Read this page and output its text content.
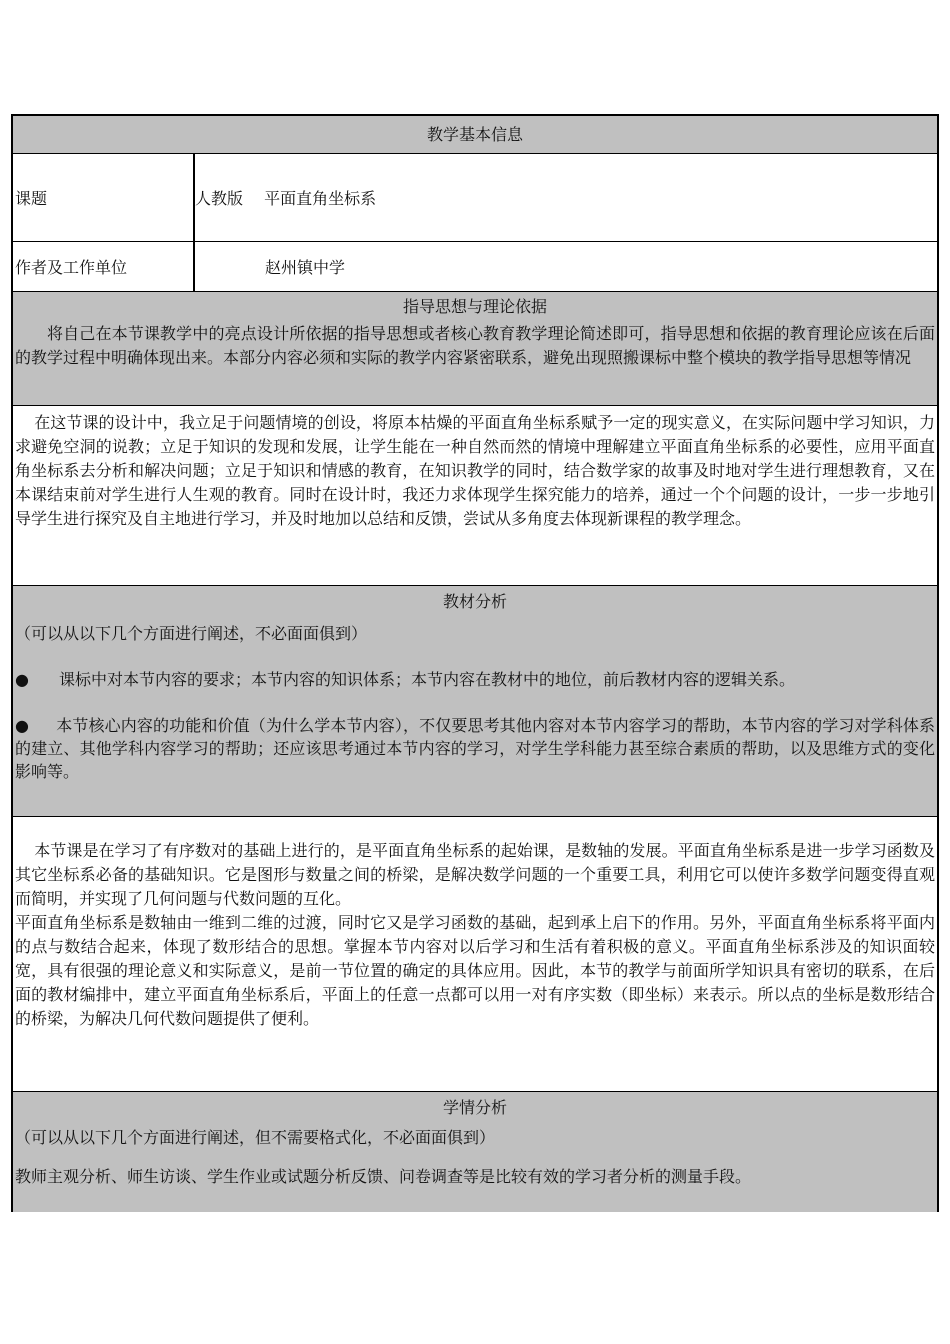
教学基本信息
课题	人教版　 平面直角坐标系
作者及工作单位	赵州镇中学
指导思想与理论依据

将自己在本节课教学中的亮点设计所依据的指导思想或者核心教育教学理论简述即可，指导思想和依据的教育理论应该在后面的教学过程中明确体现出来。本部分内容必须和实际的教学内容紧密联系，避免出现照搬课标中整个模块的教学指导思想等情况

在这节课的设计中，我立足于问题情境的创设，将原本枯燥的平面直角坐标系赋予一定的现实意义，在实际问题中学习知识，力求避免空洞的说教；立足于知识的发现和发展，让学生能在一种自然而然的情境中理解建立平面直角坐标系的必要性，应用平面直角坐标系去分析和解决问题；立足于知识和情感的教育，在知识教学的同时，结合数学家的故事及时地对学生进行理想教育，又在本课结束前对学生进行人生观的教育。同时在设计时，我还力求体现学生探究能力的培养，通过一个个问题的设计，一步一步地引导学生进行探究及自主地进行学习，并及时地加以总结和反馈，尝试从多角度去体现新课程的教学理念。

教材分析

（可以从以下几个方面进行阐述，不必面面俱到）

●	课标中对本节内容的要求；本节内容的知识体系；本节内容在教材中的地位，前后教材内容的逻辑关系。

● 本节核心内容的功能和价值（为什么学本节内容），不仅要思考其他内容对本节内容学习的帮助，本节内容的学习对学科体系的建立、其他学科内容学习的帮助；还应该思考通过本节内容的学习，对学生学科能力甚至综合素质的帮助，以及思维方式的变化影响等。

本节课是在学习了有序数对的基础上进行的，是平面直角坐标系的起始课，是数轴的发展。平面直角坐标系是进一步学习函数及其它坐标系必备的基础知识。它是图形与数量之间的桥梁，是解决数学问题的一个重要工具，利用它可以使许多数学问题变得直观而简明，并实现了几何问题与代数问题的互化。

平面直角坐标系是数轴由一维到二维的过渡，同时它又是学习函数的基础，起到承上启下的作用。另外，平面直角坐标系将平面内的点与数结合起来，体现了数形结合的思想。掌握本节内容对以后学习和生活有着积极的意义。平面直角坐标系涉及的知识面较宽，具有很强的理论意义和实际意义，是前一节位置的确定的具体应用。因此，本节的教学与前面所学知识具有密切的联系，在后面的教材编排中，建立平面直角坐标系后，平面上的任意一点都可以用一对有序实数（即坐标）来表示。所以点的坐标是数形结合的桥梁，为解决几何代数问题提供了便利。

学情分析

（可以从以下几个方面进行阐述，但不需要格式化，不必面面俱到）

教师主观分析、师生访谈、学生作业或试题分析反馈、问卷调查等是比较有效的学习者分析的测量手段。
